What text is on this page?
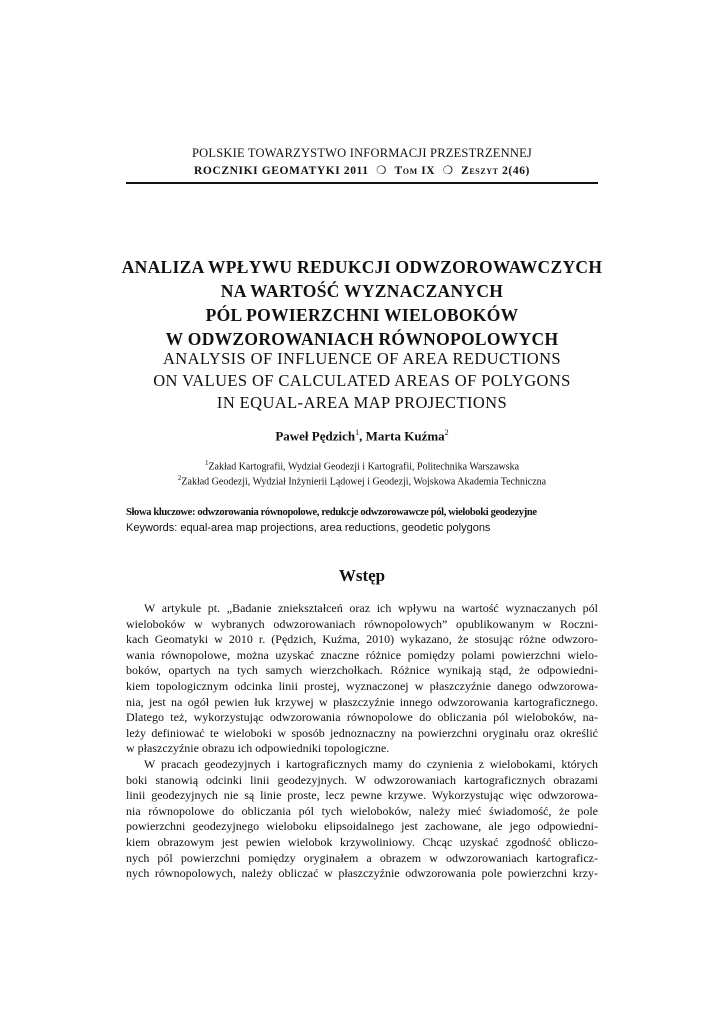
POLSKIE TOWARZYSTWO INFORMACJI PRZESTRZENNEJ
ROCZNIKI GEOMATYKI 2011 ❍ Tom IX ❍ Zeszyt 2(46)
ANALIZA WPŁYWU REDUKCJI ODWZOROWAWCZYCH
NA WARTOŚĆ WYZNACZANYCH
PÓL POWIERZCHNI WIELOBOKÓW
W ODWZOROWANIACH RÓWNOPOLOWYCH
ANALYSIS OF INFLUENCE OF AREA REDUCTIONS
ON VALUES OF CALCULATED AREAS OF POLYGONS
IN EQUAL-AREA MAP PROJECTIONS
Paweł Pędzich$^1$, Marta Kuźma$^2$
$^1$Zakład Kartografii, Wydział Geodezji i Kartografii, Politechnika Warszawska
$^2$Zakład Geodezji, Wydział Inżynierii Lądowej i Geodezji, Wojskowa Akademia Techniczna
Słowa kluczowe: odwzorowania równopolowe, redukcje odwzorowawcze pól, wieloboki geodezyjne
Keywords: equal-area map projections, area reductions, geodetic polygons
Wstęp
W artykule pt. „Badanie zniekształceń oraz ich wpływu na wartość wyznaczanych pól
wieloboków w wybranych odwzorowaniach równopolowych” opublikowanym w Roczni-
kach Geomatyki w 2010 r. (Pędzich, Kuźma, 2010) wykazano, że stosując różne odwzoro-
wania równopolowe, można uzyskać znaczne różnice pomiędzy polami powierzchni wielo-
boków, opartych na tych samych wierzchołkach. Różnice wynikają stąd, że odpowiedni-
kiem topologicznym odcinka linii prostej, wyznaczonej w płaszczyźnie danego odwzorowa-
nia, jest na ogół pewien łuk krzywej w płaszczyźnie innego odwzorowania kartograficznego.
Dlatego też, wykorzystując odwzorowania równopolowe do obliczania pól wieloboków, na-
leży definiować te wieloboki w sposób jednoznaczny na powierzchni oryginału oraz określić
w płaszczyźnie obrazu ich odpowiedniki topologiczne.
W pracach geodezyjnych i kartograficznych mamy do czynienia z wielobokami, których
boki stanowią odcinki linii geodezyjnych. W odwzorowaniach kartograficznych obrazami
linii geodezyjnych nie są linie proste, lecz pewne krzywe. Wykorzystując więc odwzorowa-
nia równopolowe do obliczania pól tych wieloboków, należy mieć świadomość, że pole
powierzchni geodezyjnego wieloboku elipsoidalnego jest zachowane, ale jego odpowiedni-
kiem obrazowym jest pewien wielobok krzywoliniowy. Chcąc uzyskać zgodność obliczo-
nych pól powierzchni pomiędzy oryginałem a obrazem w odwzorowaniach kartograficz-
nych równopolowych, należy obliczać w płaszczyźnie odwzorowania pole powierzchni krzy-
